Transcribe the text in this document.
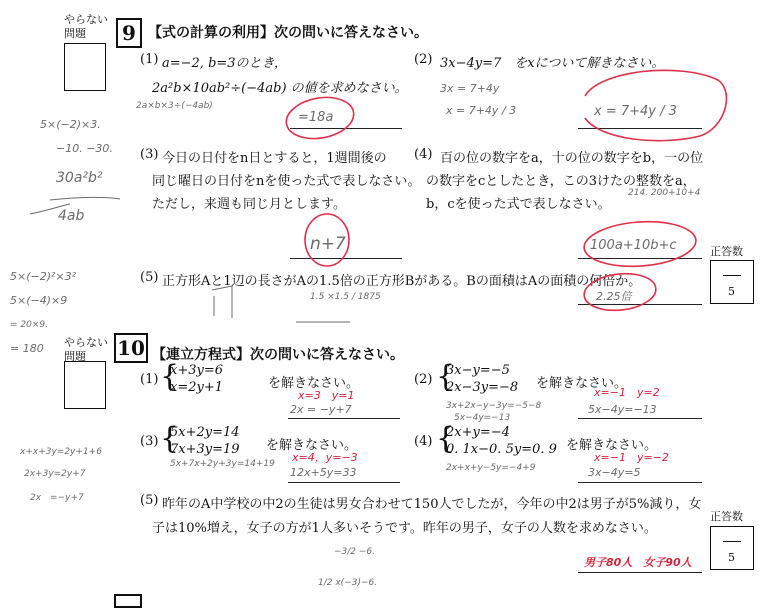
やらない
問題	9 【式の計算の利用】次の問いに答えなさい。
(1) a=−2, b=3のとき，
2a²b×10ab²÷(−4ab) の値を求めなさい。
(2) 3x−4y=7　をxについて解きなさい。
(3) 今日の日付をn日とすると，1週間後の
同じ曜日の日付をnを使った式で表しなさい。
ただし，来週も同じ月とします。
(4) 百の位の数字をa，十の位の数字をb，一の位
の数字をcとしたとき，この3けたの整数をa，
b，cを使った式で表しなさい。
(5) 正方形Aと1辺の長さがAの1.5倍の正方形Bがある。Bの面積はAの面積の何倍か。
正答数
5
やらない
問題	10 【連立方程式】次の問いに答えなさい。
(1) {
x+3y=6
x=2y+1	を解きなさい。	(2) {
3x−y=−5
2x−3y=−8 を解きなさい。
(3) {
5x+2y=14
7x+3y=19 を解きなさい。	(4) {
2x+y=−4
0. 1x−0. 5y=0. 9 を解きなさい。
(5) 昨年のA中学校の中2の生徒は男女合わせて150人でしたが，今年の中2は男子が5%減り，女
子は10%増え，女子の方が1人多いそうです。昨年の男子，女子の人数を求めなさい。
正答数
5
2a×b×3÷(−4ab)
=18a
3x = 7+4y
x = 7+4y / 3	x = 7+4y / 3
n+7
214. 200+10+4
100a+10b+c
2.25倍
1.5 ×1.5 / 1875
5×(−2)×3.
−10. −30.
30a²b²
4ab
5×(−2)²×3²
5×(−4)×9
= 20×9.
= 180
2x = −y+7	3x+2x−y−3y=−5−8
5x−4y=−13
5x−4y=−13
5x+7x+2y+3y=14+19
12x+5y=33	2x+x+y−5y=−4+9	3x−4y=5
x+x+3y=2y+1+6
2x+3y=2y+7
2x　=−y+7
−3/2 −6.
1/2 x(−3)−6.
x=3　y=1	x=−1　y=2
x=4，y=−3	x=−1　y=−2
男子80人　女子90人
